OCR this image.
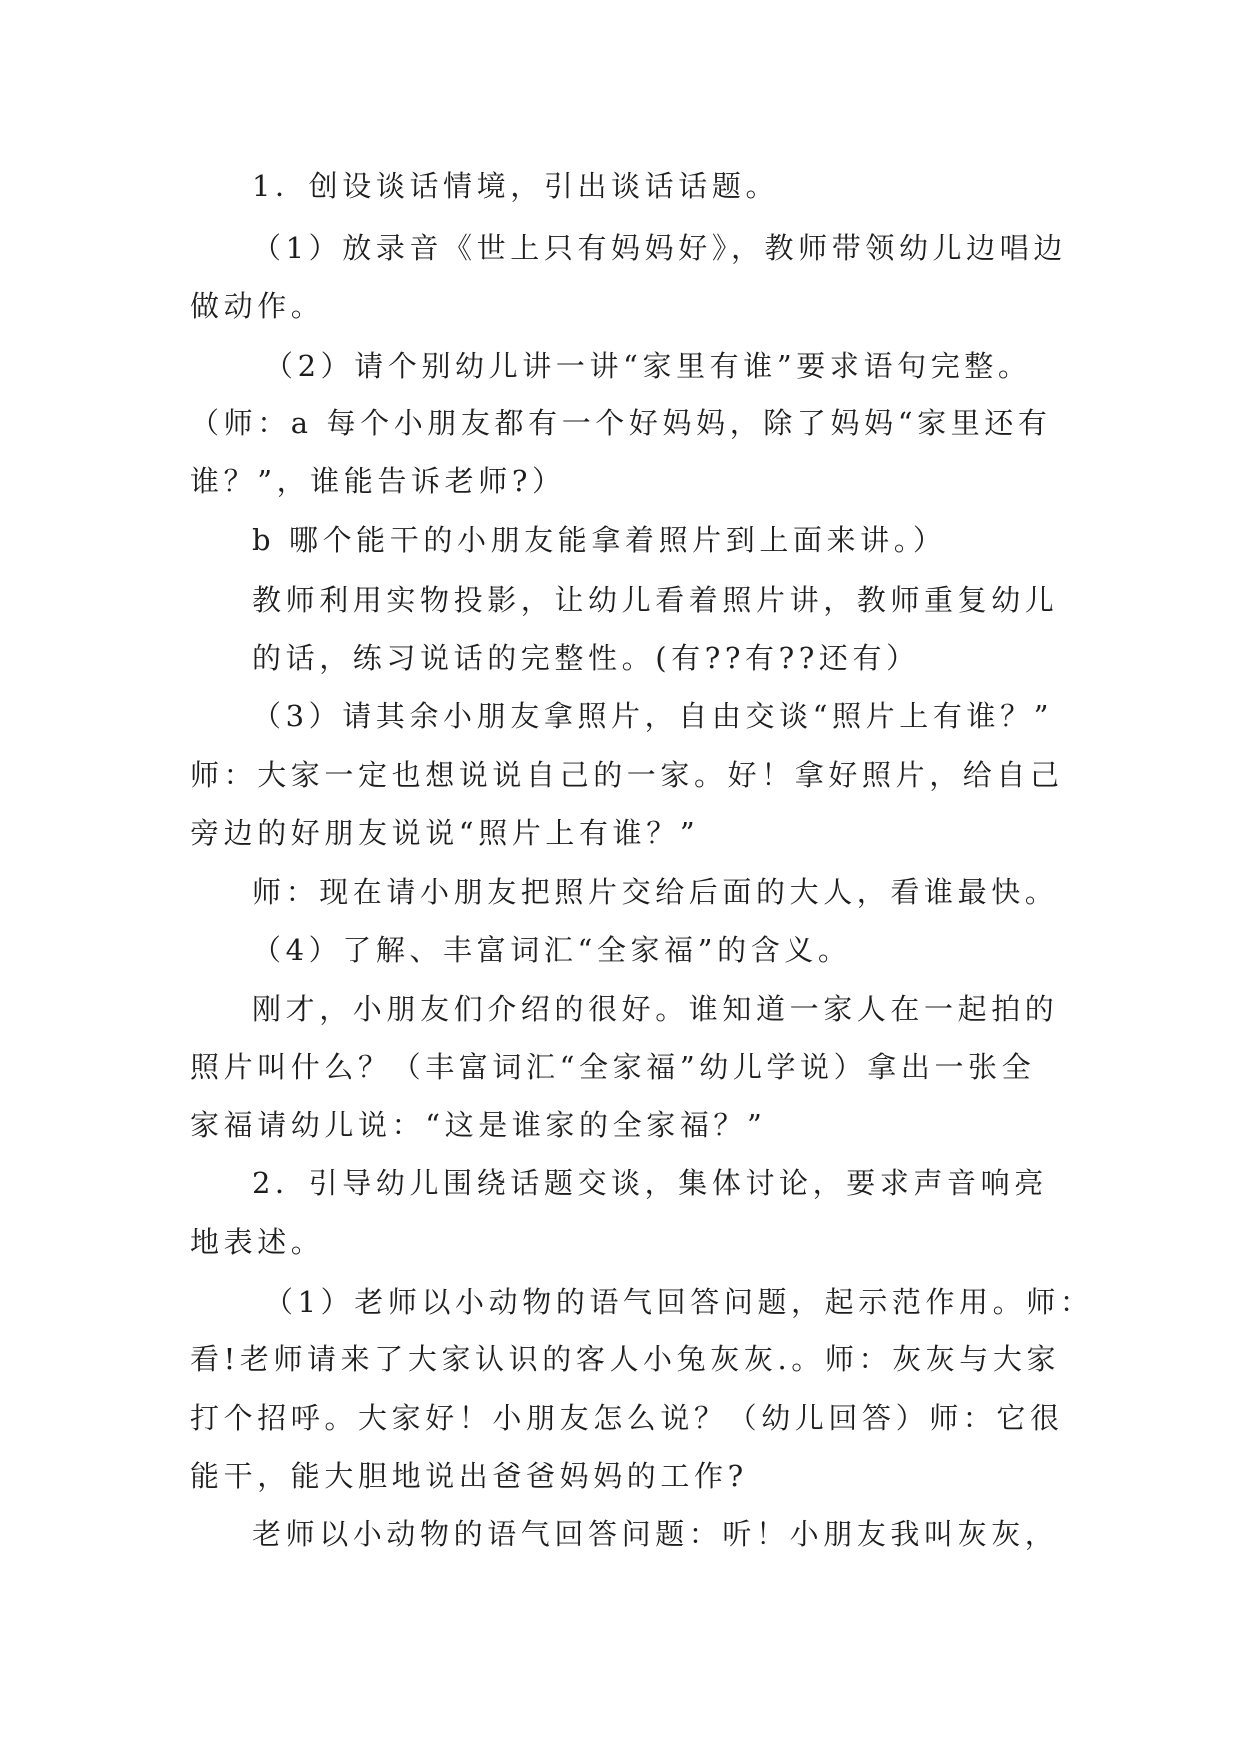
1．创设谈话情境，引出谈话话题。

（1）放录音《世上只有妈妈好》，教师带领幼儿边唱边

做动作。

（2）请个别幼儿讲一讲“家里有谁”要求语句完整。

（师：a 每个小朋友都有一个好妈妈，除了妈妈“家里还有

谁？”，谁能告诉老师?）

b 哪个能干的小朋友能拿着照片到上面来讲。）

教师利用实物投影，让幼儿看着照片讲，教师重复幼儿

的话，练习说话的完整性。(有??有??还有）

（3）请其余小朋友拿照片，自由交谈“照片上有谁？”

师：大家一定也想说说自己的一家。好！拿好照片，给自己

旁边的好朋友说说“照片上有谁？”

师：现在请小朋友把照片交给后面的大人，看谁最快。

（4）了解、丰富词汇“全家福”的含义。

刚才，小朋友们介绍的很好。谁知道一家人在一起拍的

照片叫什么？（丰富词汇“全家福”幼儿学说）拿出一张全

家福请幼儿说：“这是谁家的全家福？”

2．引导幼儿围绕话题交谈，集体讨论，要求声音响亮

地表述。

（1）老师以小动物的语气回答问题，起示范作用。师：

看!老师请来了大家认识的客人小兔灰灰.。师：灰灰与大家

打个招呼。大家好！小朋友怎么说？（幼儿回答）师：它很

能干，能大胆地说出爸爸妈妈的工作?

老师以小动物的语气回答问题：听！小朋友我叫灰灰，
